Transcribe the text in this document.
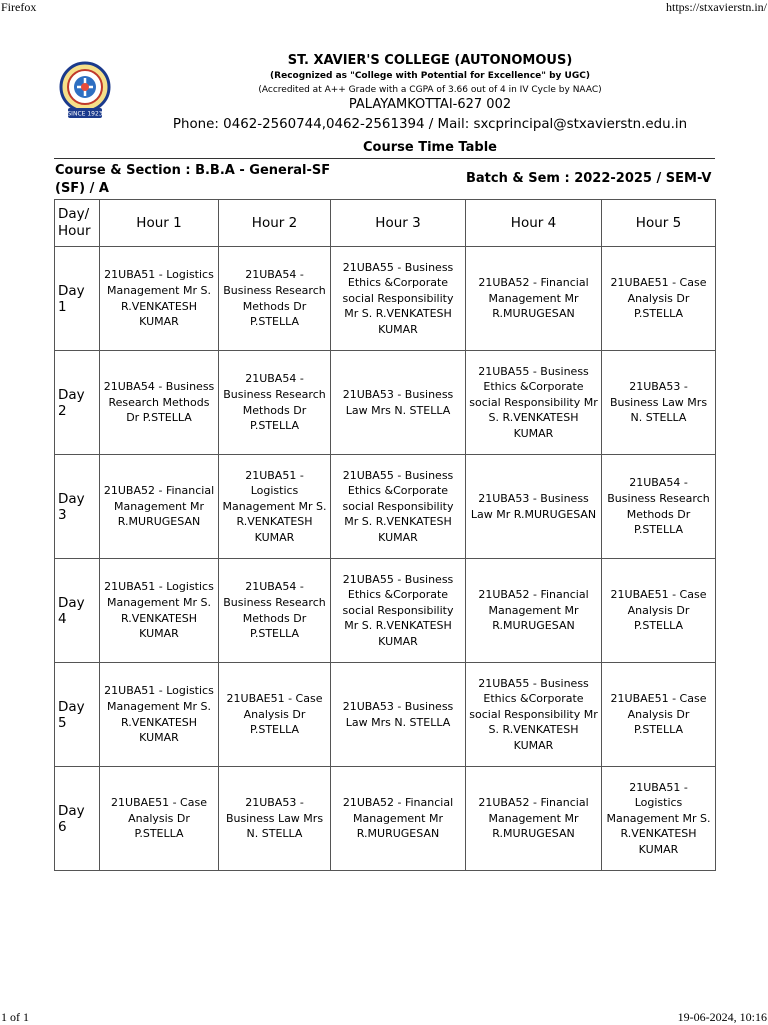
Firefox	https://stxavierstn.in/
SINCE 1923
ST. XAVIER'S COLLEGE (AUTONOMOUS)
(Recognized as "College with Potential for Excellence" by UGC)
(Accredited at A++ Grade with a CGPA of 3.66 out of 4 in IV Cycle by NAAC)
PALAYAMKOTTAI-627 002
Phone: 0462-2560744,0462-2561394 / Mail: sxcprincipal@stxavierstn.edu.in
Course Time Table
Course & Section : B.B.A - General-SF (SF) / A
Batch & Sem : 2022-2025 / SEM-V
Day/ Hour	Hour 1	Hour 2	Hour 3	Hour 4	Hour 5
Day 1	21UBA51 - Logistics Management Mr S. R.VENKATESH KUMAR	21UBA54 - Business Research Methods Dr P.STELLA	21UBA55 - Business Ethics &Corporate social Responsibility Mr S. R.VENKATESH KUMAR	21UBA52 - Financial Management Mr R.MURUGESAN	21UBAE51 - Case Analysis Dr P.STELLA
Day 2	21UBA54 - Business Research Methods Dr P.STELLA	21UBA54 - Business Research Methods Dr P.STELLA	21UBA53 - Business Law Mrs N. STELLA	21UBA55 - Business Ethics &Corporate social Responsibility Mr S. R.VENKATESH KUMAR	21UBA53 - Business Law Mrs N. STELLA
Day 3	21UBA52 - Financial Management Mr R.MURUGESAN	21UBA51 - Logistics Management Mr S. R.VENKATESH KUMAR	21UBA55 - Business Ethics &Corporate social Responsibility Mr S. R.VENKATESH KUMAR	21UBA53 - Business Law Mr R.MURUGESAN	21UBA54 - Business Research Methods Dr P.STELLA
Day 4	21UBA51 - Logistics Management Mr S. R.VENKATESH KUMAR	21UBA54 - Business Research Methods Dr P.STELLA	21UBA55 - Business Ethics &Corporate social Responsibility Mr S. R.VENKATESH KUMAR	21UBA52 - Financial Management Mr R.MURUGESAN	21UBAE51 - Case Analysis Dr P.STELLA
Day 5	21UBA51 - Logistics Management Mr S. R.VENKATESH KUMAR	21UBAE51 - Case Analysis Dr P.STELLA	21UBA53 - Business Law Mrs N. STELLA	21UBA55 - Business Ethics &Corporate social Responsibility Mr S. R.VENKATESH KUMAR	21UBAE51 - Case Analysis Dr P.STELLA
Day 6	21UBAE51 - Case Analysis Dr P.STELLA	21UBA53 - Business Law Mrs N. STELLA	21UBA52 - Financial Management Mr R.MURUGESAN	21UBA52 - Financial Management Mr R.MURUGESAN	21UBA51 - Logistics Management Mr S. R.VENKATESH KUMAR
1 of 1	19-06-2024, 10:16
